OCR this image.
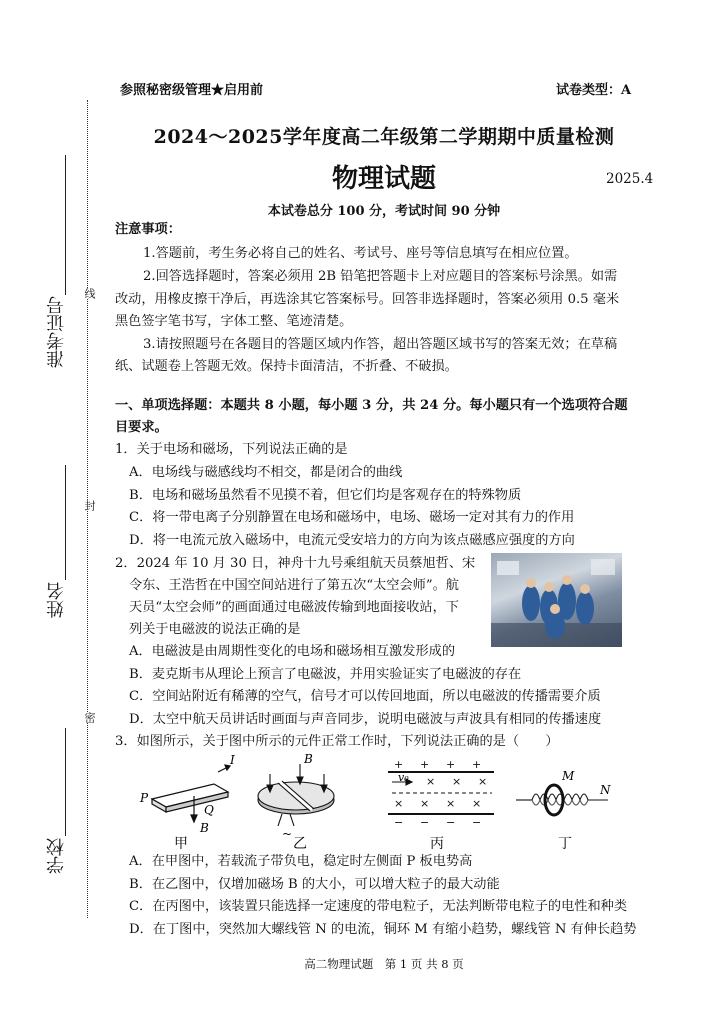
线
封
密
准考证号
姓名
学校
参照秘密级管理★启用前	试卷类型：A
2024～2025学年度高二年级第二学期期中质量检测
物理试题	2025.4
本试卷总分 100 分，考试时间 90 分钟
注意事项：
1.答题前，考生务必将自己的姓名、考试号、座号等信息填写在相应位置。
2.回答选择题时，答案必须用 2B 铅笔把答题卡上对应题目的答案标号涂黑。如需
改动，用橡皮擦干净后，再选涂其它答案标号。回答非选择题时，答案必须用 0.5 毫米
黑色签字笔书写，字体工整、笔迹清楚。
3.请按照题号在各题目的答题区域内作答，超出答题区域书写的答案无效；在草稿
纸、试题卷上答题无效。保持卡面清洁，不折叠、不破损。
一、单项选择题：本题共 8 小题，每小题 3 分，共 24 分。每小题只有一个选项符合题
目要求。
1．关于电场和磁场，下列说法正确的是
A．电场线与磁感线均不相交，都是闭合的曲线
B．电场和磁场虽然看不见摸不着，但它们均是客观存在的特殊物质
C．将一带电离子分别静置在电场和磁场中，电场、磁场一定对其有力的作用
D．将一电流元放入磁场中，电流元受安培力的方向为该点磁感应强度的方向
2．2024 年 10 月 30 日，神舟十九号乘组航天员蔡旭哲、宋
令东、王浩哲在中国空间站进行了第五次“太空会师”。航
天员“太空会师”的画面通过电磁波传输到地面接收站，下
列关于电磁波的说法正确的是
A．电磁波是由周期性变化的电场和磁场相互激发形成的
B．麦克斯韦从理论上预言了电磁波，并用实验证实了电磁波的存在
C．空间站附近有稀薄的空气，信号才可以传回地面，所以电磁波的传播需要介质
D．太空中航天员讲话时画面与声音同步，说明电磁波与声波具有相同的传播速度
3．如图所示，关于图中所示的元件正常工作时，下列说法正确的是（　　）
I
P
Q
B
B
~
+ + + +
× × ×
× × × ×
− − − −
v₀	M
N
甲	乙	丙	丁
A．在甲图中，若载流子带负电，稳定时左侧面 P 板电势高
B．在乙图中，仅增加磁场 B 的大小，可以增大粒子的最大动能
C．在丙图中，该装置只能选择一定速度的带电粒子，无法判断带电粒子的电性和种类
D．在丁图中，突然加大螺线管 N 的电流，铜环 M 有缩小趋势，螺线管 N 有伸长趋势
高二物理试题　第 1 页 共 8 页
